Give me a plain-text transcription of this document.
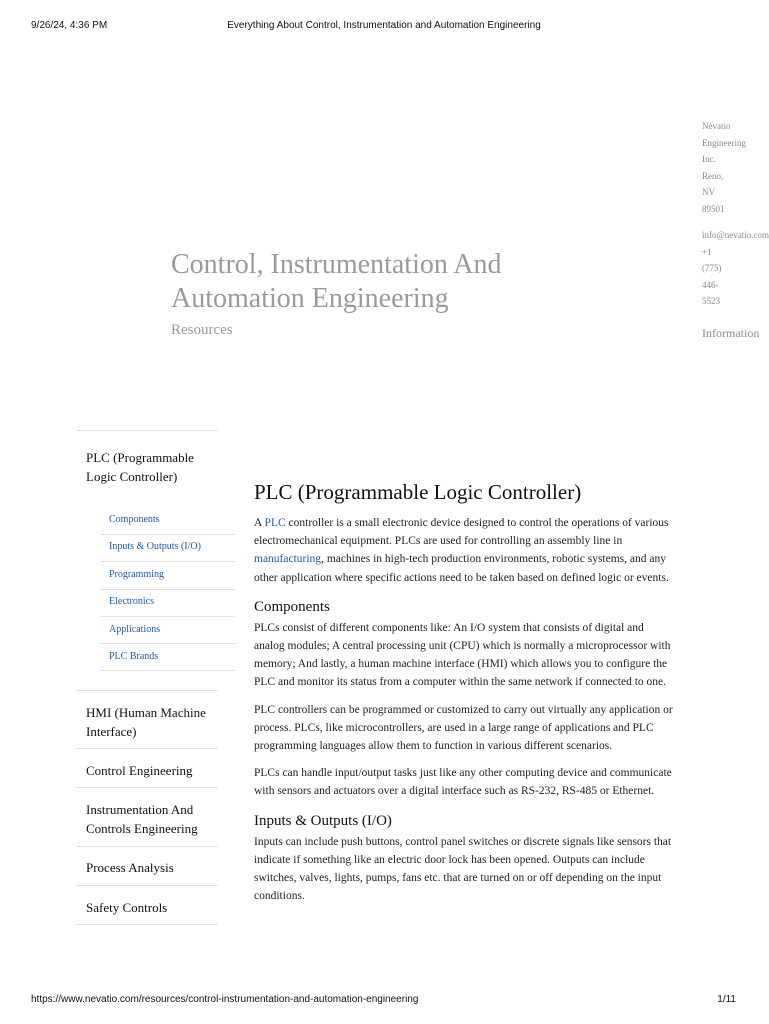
9/26/24, 4:36 PM	Everything About Control, Instrumentation and Automation Engineering
https://www.nevatio.com/resources/control-instrumentation-and-automation-engineering	1/11
Control, Instrumentation And Automation Engineering
Resources
Nevatio
Engineering
Inc.
Reno,
NV
89501
info@nevatio.com
+1
(775)
446-
5523
Information
PLC (Programmable Logic Controller)
Components
Inputs & Outputs (I/O)
Programming
Electronics
Applications
PLC Brands
HMI (Human Machine Interface)
Control Engineering
Instrumentation And Controls Engineering
Process Analysis
Safety Controls
PLC (Programmable Logic Controller)

A PLC controller is a small electronic device designed to control the operations of various electromechanical equipment. PLCs are used for controlling an assembly line in manufacturing, machines in high-tech production environments, robotic systems, and any other application where specific actions need to be taken based on defined logic or events.

Components

PLCs consist of different components like: An I/O system that consists of digital and analog modules; A central processing unit (CPU) which is normally a microprocessor with memory; And lastly, a human machine interface (HMI) which allows you to configure the PLC and monitor its status from a computer within the same network if connected to one.

PLC controllers can be programmed or customized to carry out virtually any application or process. PLCs, like microcontrollers, are used in a large range of applications and PLC programming languages allow them to function in various different scenarios.

PLCs can handle input/output tasks just like any other computing device and communicate with sensors and actuators over a digital interface such as RS-232, RS-485 or Ethernet.

Inputs & Outputs (I/O)

Inputs can include push buttons, control panel switches or discrete signals like sensors that indicate if something like an electric door lock has been opened. Outputs can include switches, valves, lights, pumps, fans etc. that are turned on or off depending on the input conditions.
